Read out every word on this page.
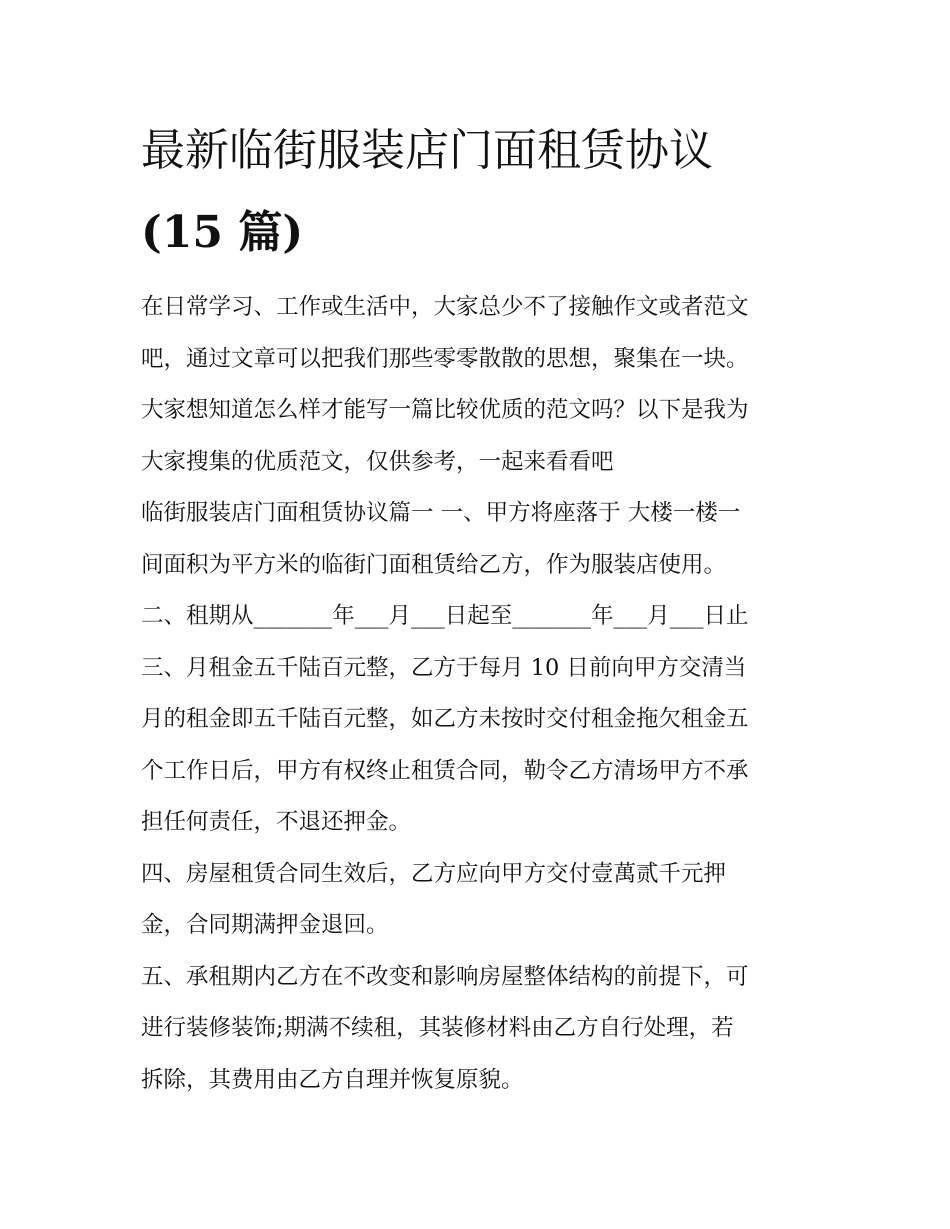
最新临街服装店门面租赁协议
(15 篇)

在日常学习、工作或生活中，大家总少不了接触作文或者范文
吧，通过文章可以把我们那些零零散散的思想，聚集在一块。
大家想知道怎么样才能写一篇比较优质的范文吗？以下是我为
大家搜集的优质范文，仅供参考，一起来看看吧

临街服装店门面租赁协议篇一 一、甲方将座落于 大楼一楼一
间面积为平方米的临街门面租赁给乙方，作为服装店使用。

二、租期从_______年___月___日起至_______年___月___日止

三、月租金五千陆百元整，乙方于每月 10 日前向甲方交清当
月的租金即五千陆百元整，如乙方未按时交付租金拖欠租金五
个工作日后，甲方有权终止租赁合同，勒令乙方清场甲方不承
担任何责任，不退还押金。

四、房屋租赁合同生效后，乙方应向甲方交付壹萬贰千元押
金，合同期满押金退回。

五、承租期内乙方在不改变和影响房屋整体结构的前提下，可
进行装修装饰;期满不续租，其装修材料由乙方自行处理，若
拆除，其费用由乙方自理并恢复原貌。
